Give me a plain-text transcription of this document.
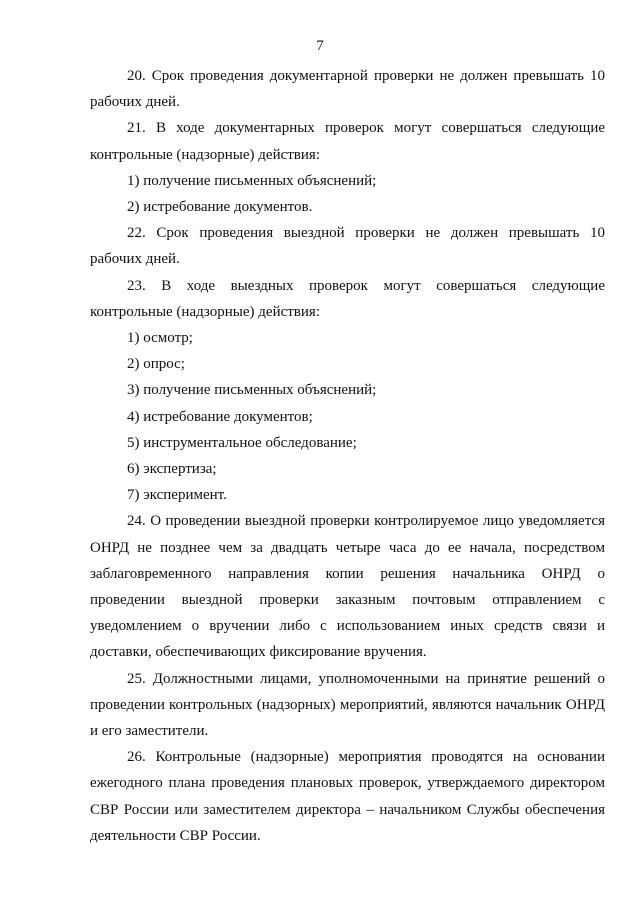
7

20. Срок проведения документарной проверки не должен превышать 10 рабочих дней.

21. В ходе документарных проверок могут совершаться следующие контрольные (надзорные) действия:

1) получение письменных объяснений;

2) истребование документов.

22. Срок проведения выездной проверки не должен превышать 10 рабочих дней.

23. В ходе выездных проверок могут совершаться следующие контрольные (надзорные) действия:

1) осмотр;

2) опрос;

3) получение письменных объяснений;

4) истребование документов;

5) инструментальное обследование;

6) экспертиза;

7) эксперимент.

24. О проведении выездной проверки контролируемое лицо уведомляется ОНРД не позднее чем за двадцать четыре часа до ее начала, посредством заблаговременного направления копии решения начальника ОНРД о проведении выездной проверки заказным почтовым отправлением с уведомлением о вручении либо с использованием иных средств связи и доставки, обеспечивающих фиксирование вручения.

25. Должностными лицами, уполномоченными на принятие решений о проведении контрольных (надзорных) мероприятий, являются начальник ОНРД и его заместители.

26. Контрольные (надзорные) мероприятия проводятся на основании ежегодного плана проведения плановых проверок, утверждаемого директором СВР России или заместителем директора – начальником Службы обеспечения деятельности СВР России.
